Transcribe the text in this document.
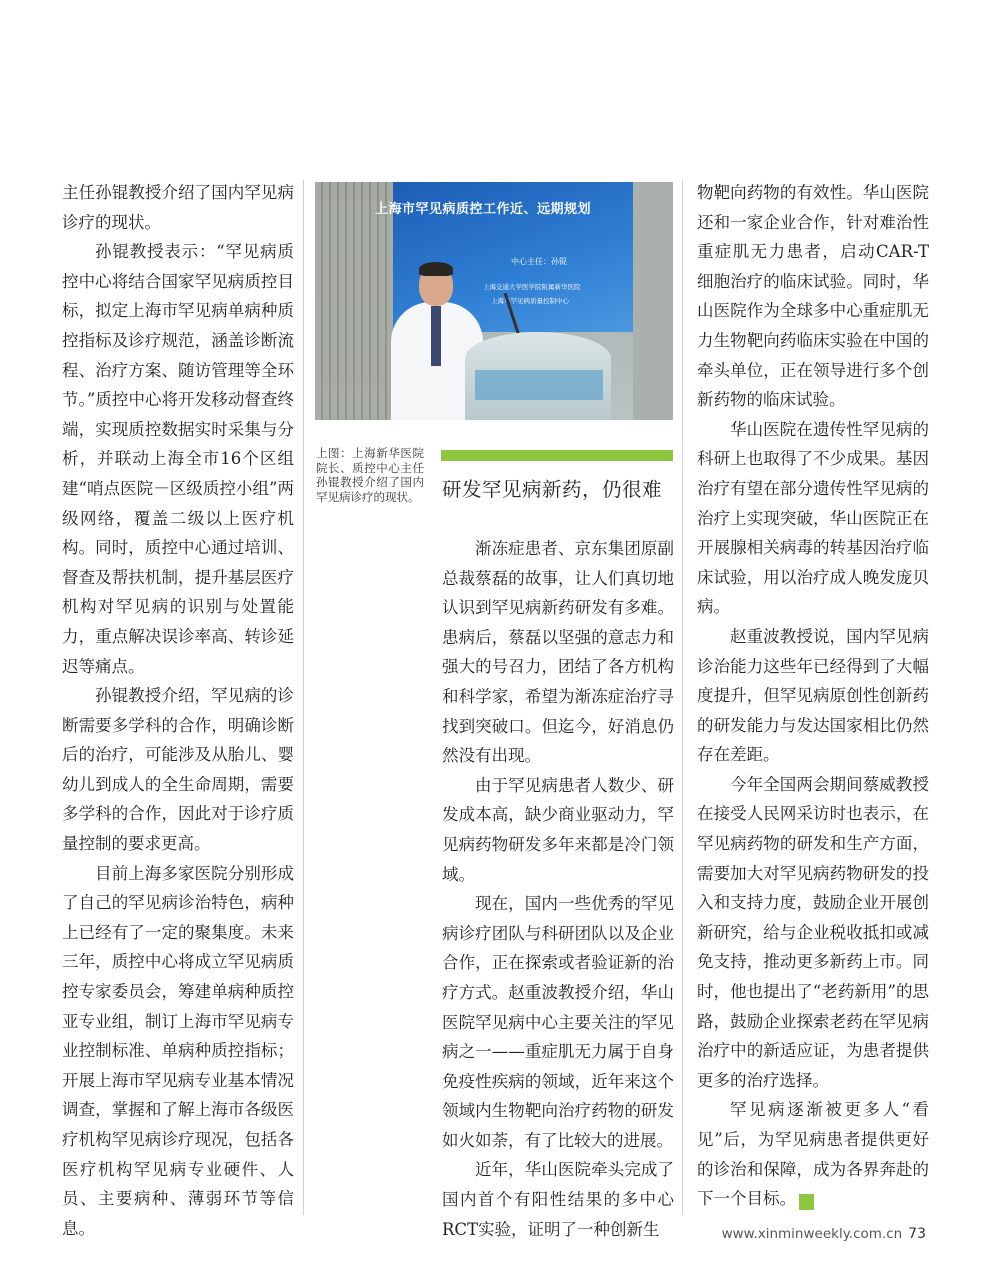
主任孙锟教授介绍了国内罕见病诊疗的现状。

孙锟教授表示：“罕见病质控中心将结合国家罕见病质控目标，拟定上海市罕见病单病种质控指标及诊疗规范，涵盖诊断流程、治疗方案、随访管理等全环节。”质控中心将开发移动督查终端，实现质控数据实时采集与分析，并联动上海全市16个区组建“哨点医院－区级质控小组”两级网络，覆盖二级以上医疗机构。同时，质控中心通过培训、督查及帮扶机制，提升基层医疗机构对罕见病的识别与处置能力，重点解决误诊率高、转诊延迟等痛点。

孙锟教授介绍，罕见病的诊断需要多学科的合作，明确诊断后的治疗，可能涉及从胎儿、婴幼儿到成人的全生命周期，需要多学科的合作，因此对于诊疗质量控制的要求更高。

目前上海多家医院分别形成了自己的罕见病诊治特色，病种上已经有了一定的聚集度。未来三年，质控中心将成立罕见病质控专家委员会，筹建单病种质控亚专业组，制订上海市罕见病专业控制标准、单病种质控指标；开展上海市罕见病专业基本情况调查，掌握和了解上海市各级医疗机构罕见病诊疗现况，包括各医疗机构罕见病专业硬件、人员、主要病种、薄弱环节等信息。

上海市罕见病质控工作近、远期规划
中心主任：孙锟
上海交通大学医学院附属新华医院
上海市罕见病质量控制中心
上图：上海新华医院院长、质控中心主任孙锟教授介绍了国内罕见病诊疗的现状。 研发罕见病新药，仍很难

渐冻症患者、京东集团原副总裁蔡磊的故事，让人们真切地认识到罕见病新药研发有多难。患病后，蔡磊以坚强的意志力和强大的号召力，团结了各方机构和科学家，希望为渐冻症治疗寻找到突破口。但迄今，好消息仍然没有出现。

由于罕见病患者人数少、研发成本高，缺少商业驱动力，罕见病药物研发多年来都是冷门领域。

现在，国内一些优秀的罕见病诊疗团队与科研团队以及企业合作，正在探索或者验证新的治疗方式。赵重波教授介绍，华山医院罕见病中心主要关注的罕见病之一——重症肌无力属于自身免疫性疾病的领域，近年来这个领域内生物靶向治疗药物的研发如火如荼，有了比较大的进展。

近年，华山医院牵头完成了国内首个有阳性结果的多中心RCT实验，证明了一种创新生

物靶向药物的有效性。华山医院还和一家企业合作，针对难治性重症肌无力患者，启动CAR-T细胞治疗的临床试验。同时，华山医院作为全球多中心重症肌无力生物靶向药临床实验在中国的牵头单位，正在领导进行多个创新药物的临床试验。

华山医院在遗传性罕见病的科研上也取得了不少成果。基因治疗有望在部分遗传性罕见病的治疗上实现突破，华山医院正在开展腺相关病毒的转基因治疗临床试验，用以治疗成人晚发庞贝病。

赵重波教授说，国内罕见病诊治能力这些年已经得到了大幅度提升，但罕见病原创性创新药的研发能力与发达国家相比仍然存在差距。

今年全国两会期间蔡威教授在接受人民网采访时也表示，在罕见病药物的研发和生产方面，需要加大对罕见病药物研发的投入和支持力度，鼓励企业开展创新研究，给与企业税收抵扣或减免支持，推动更多新药上市。同时，他也提出了“老药新用”的思路，鼓励企业探索老药在罕见病治疗中的新适应证，为患者提供更多的治疗选择。

罕见病逐渐被更多人“看见”后，为罕见病患者提供更好的诊治和保障，成为各界奔赴的下一个目标。	民

www.xinminweekly.com.cn 73
